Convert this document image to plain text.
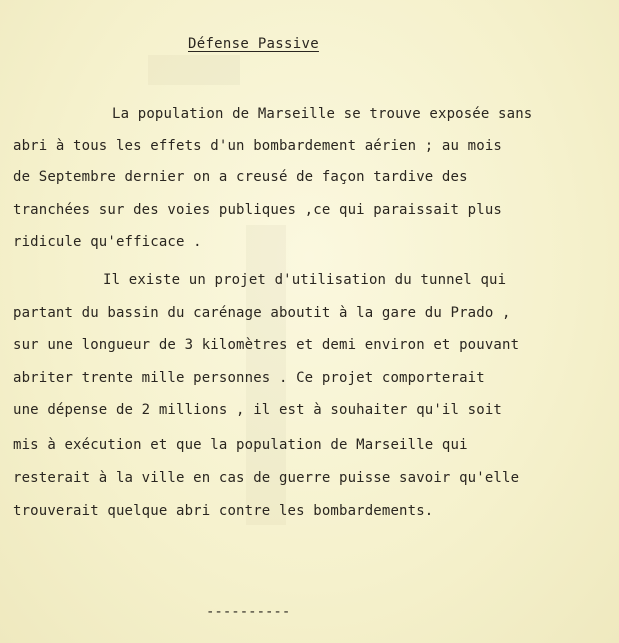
Défense Passive
La population de Marseille se trouve exposée sans
abri à tous les effets d'un bombardement aérien ; au mois
de Septembre dernier on a creusé de façon tardive des
tranchées sur des voies publiques ,ce qui paraissait plus
ridicule qu'efficace .
Il existe un projet d'utilisation du tunnel qui
partant du bassin du carénage aboutit à la gare du Prado ,
sur une longueur de 3 kilomètres et demi environ et pouvant
abriter trente mille personnes . Ce projet comporterait
une dépense de 2 millions , il est à souhaiter qu'il soit
mis à exécution et que la population de Marseille qui
resterait à la ville en cas de guerre puisse savoir qu'elle
trouverait quelque abri contre les bombardements.
----------
